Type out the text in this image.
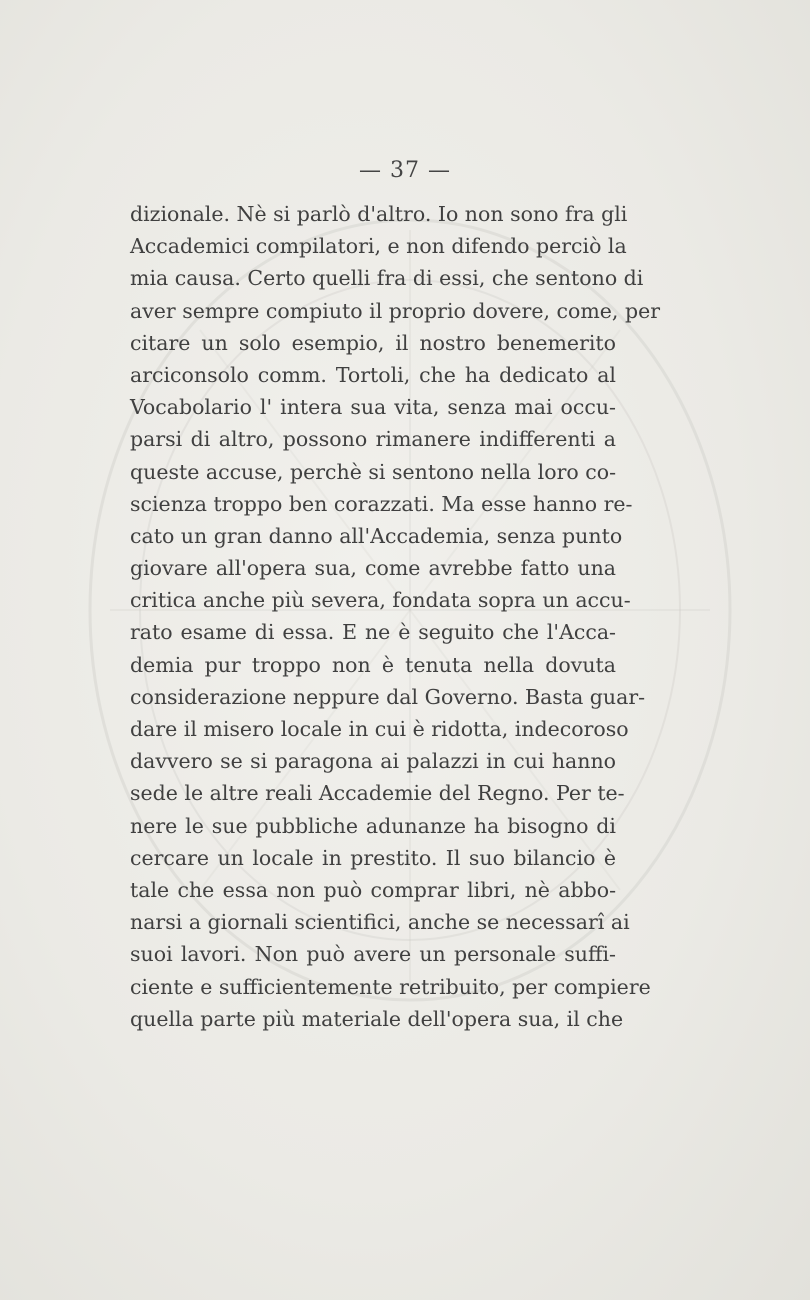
— 37 —
dizionale. Nè si parlò d'altro. Io non sono fra gli
Accademici compilatori, e non difendo perciò la
mia causa. Certo quelli fra di essi, che sentono di
aver sempre compiuto il proprio dovere, come, per
citare un solo esempio, il nostro benemerito
arciconsolo comm. Tortoli, che ha dedicato al
Vocabolario l' intera sua vita, senza mai occu-
parsi di altro, possono rimanere indifferenti a
queste accuse, perchè si sentono nella loro co-
scienza troppo ben corazzati. Ma esse hanno re-
cato un gran danno all'Accademia, senza punto
giovare all'opera sua, come avrebbe fatto una
critica anche più severa, fondata sopra un accu-
rato esame di essa. E ne è seguito che l'Acca-
demia pur troppo non è tenuta nella dovuta
considerazione neppure dal Governo. Basta guar-
dare il misero locale in cui è ridotta, indecoroso
davvero se si paragona ai palazzi in cui hanno
sede le altre reali Accademie del Regno. Per te-
nere le sue pubbliche adunanze ha bisogno di
cercare un locale in prestito. Il suo bilancio è
tale che essa non può comprar libri, nè abbo-
narsi a giornali scientifici, anche se necessarî ai
suoi lavori. Non può avere un personale suffi-
ciente e sufficientemente retribuito, per compiere
quella parte più materiale dell'opera sua, il che
